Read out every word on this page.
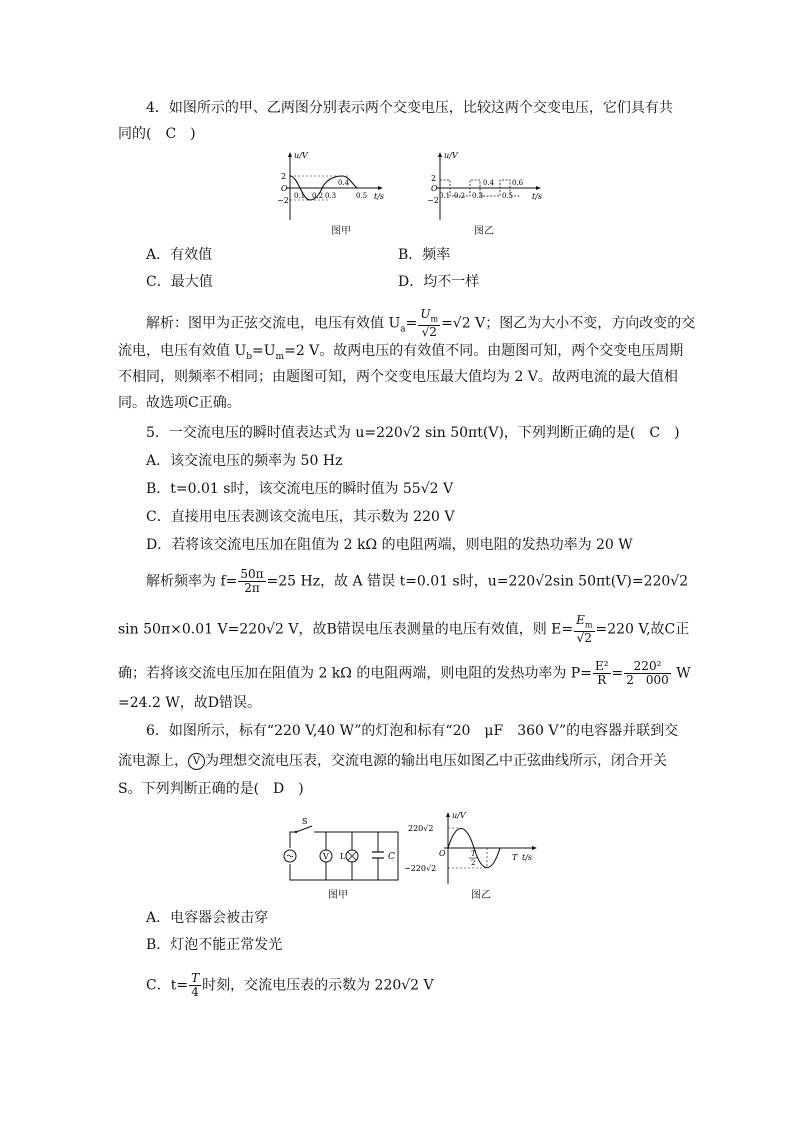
4．如图所示的甲、乙两图分别表示两个交变电压，比较这两个交变电压，它们具有共
同的(　C　)
u/V
t/s
2
O
−2 0.1 0.2 0.3
0.4
0.5
图甲
u/V
t/s
2
O
−2 0.1 0.2 0.3
0.4
0.5
0.6
图乙
A．有效值	B．频率
C．最大值	D．均不一样
解析：图甲为正弦交流电，电压有效值 $U_a= \frac{U_m}{√2} =√2$ V；图乙为大小不变，方向改变的交
流电，电压有效值 $U_b=U_m=2$ V。故两电压的有效值不同。由题图可知，两个交变电压周期
不相同，则频率不相同；由题图可知，两个交变电压最大值均为 2 V。故两电流的最大值相
同。故选项C正确。
5．一交流电压的瞬时值表达式为 u=220√2 sin 50πt(V)，下列判断正确的是(　C　)
A．该交流电压的频率为 50 Hz
B．t=0.01 s时，该交流电压的瞬时值为 55√2 V
C．直接用电压表测该交流电压，其示数为 220 V
D．若将该交流电压加在阻值为 2 kΩ 的电阻两端，则电阻的发热功率为 20 W
解析频率为 $f= \frac{50\pi}{2\pi} =25$ Hz，故 A 错误 t=0.01 s时，u=220√2sin 50πt(V)=220√2
sin 50π×0.01 V=220√2 V，故B错误电压表测量的电压有效值，则 $E= \frac{E_m}{√2} =220$ V,故C正
确；若将该交流电压加在阻值为 2 kΩ 的电阻两端，则电阻的发热功率为 $P= \frac{\text{E²}}{R} = \frac{\text{220²}}{2 000}$ W
=24.2 W，故D错误。
6．如图所示，标有“220 V,40 W”的灯泡和标有“20　μF　360 V”的电容器并联到交
流电源上， V 为理想交流电压表，交流电源的输出电压如图乙中正弦曲线所示，闭合开关
S。下列判断正确的是(　D　)
S
V L	C
图甲
u/V
t/s
T
220√2
O
−220√2
T
2
图乙
A．电容器会被击穿
B．灯泡不能正常发光
C．$t= \frac{T}{4}$ 时刻，交流电压表的示数为 220√2 V
